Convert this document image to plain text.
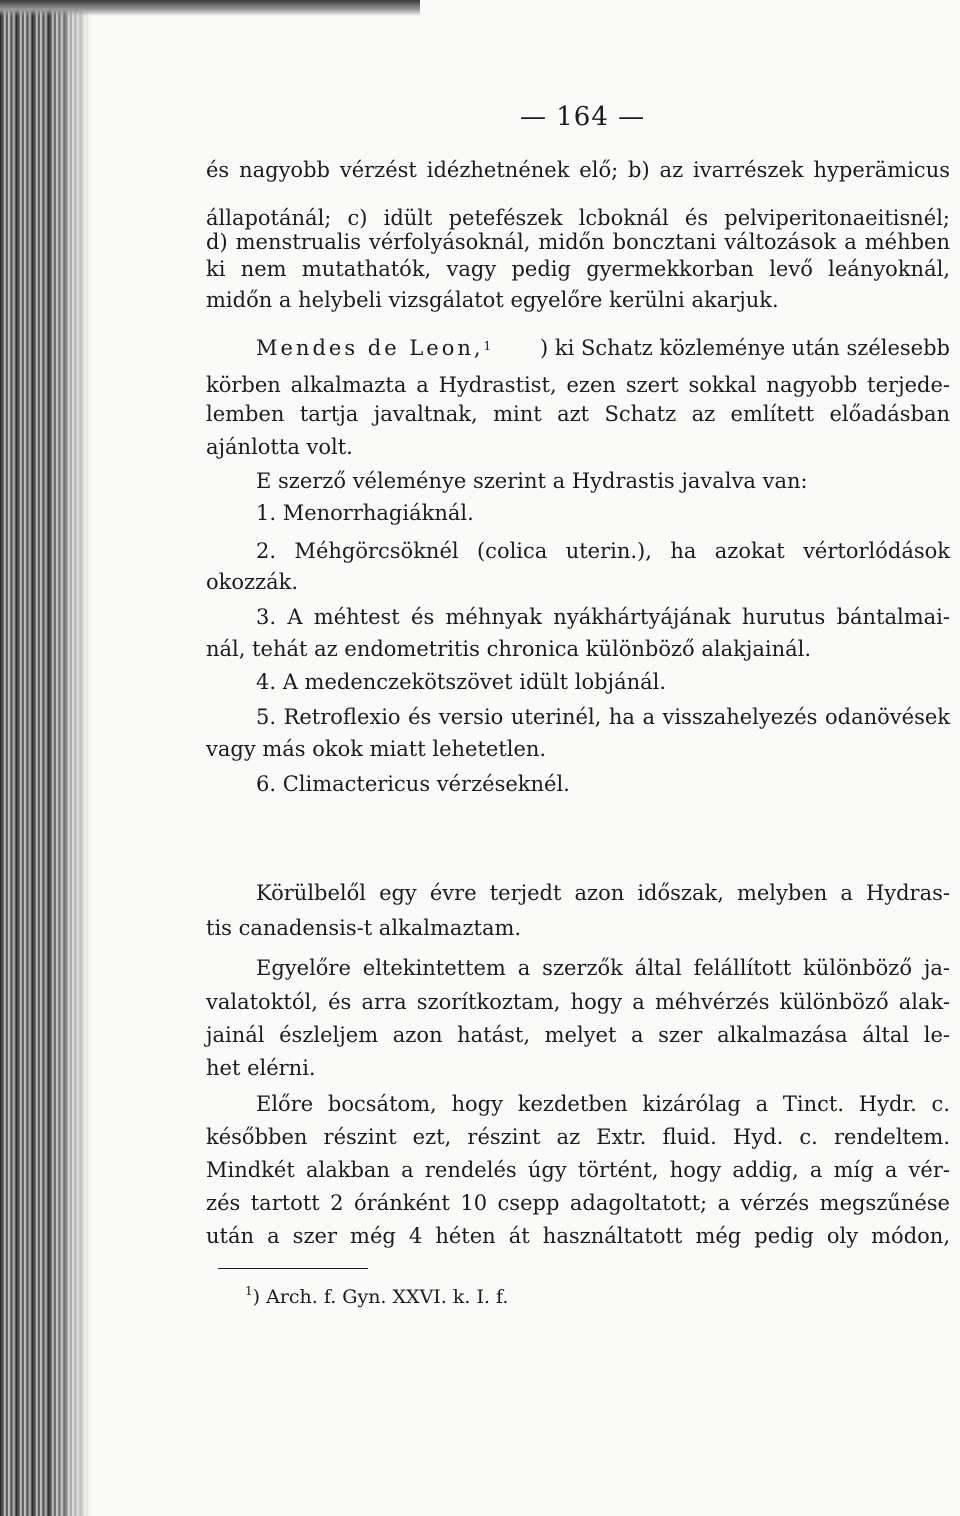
— 164 —
és nagyobb vérzést idézhetnének elő; b) az ivarrészek hyperämicus
állapotánál; c) idült petefészek lcboknál és pelviperitonaeitisnél;
d) menstrualis vérfolyásoknál, midőn boncztani változások a méhben
ki nem mutathatók, vagy pedig gyermekkorban levő leányoknál,
midőn a helybeli vizsgálatot egyelőre kerülni akarjuk.
Mendes de Leon,$^1$ ) ki Schatz közleménye után szélesebb
körben alkalmazta a Hydrastist, ezen szert sokkal nagyobb terjede-
lemben tartja javaltnak, mint azt Schatz az említett előadásban
ajánlotta volt.
E szerző véleménye szerint a Hydrastis javalva van:
1. Menorrhagiáknál.
2. Méhgörcsöknél (colica uterin.), ha azokat vértorlódások
okozzák.
3. A méhtest és méhnyak nyákhártyájának hurutus bántalmai-
nál, tehát az endometritis chronica különböző alakjainál.
4. A medenczekötszövet idült lobjánál.
5. Retroflexio és versio uterinél, ha a visszahelyezés odanövések
vagy más okok miatt lehetetlen.
6. Climactericus vérzéseknél.
Körülbelől egy évre terjedt azon időszak, melyben a Hydras-
tis canadensis-t alkalmaztam.
Egyelőre eltekintettem a szerzők által felállított különböző ja-
valatoktól, és arra szorítkoztam, hogy a méhvérzés különböző alak-
jainál észleljem azon hatást, melyet a szer alkalmazása által le-
het elérni.
Előre bocsátom, hogy kezdetben kizárólag a Tinct. Hydr. c.
későbben részint ezt, részint az Extr. fluid. Hyd. c. rendeltem.
Mindkét alakban a rendelés úgy történt, hogy addig, a míg a vér-
zés tartott 2 óránként 10 csepp adagoltatott; a vérzés megszűnése
után a szer még 4 héten át használtatott még pedig oly módon,
$^1$) Arch. f. Gyn. XXVI. k. I. f.
